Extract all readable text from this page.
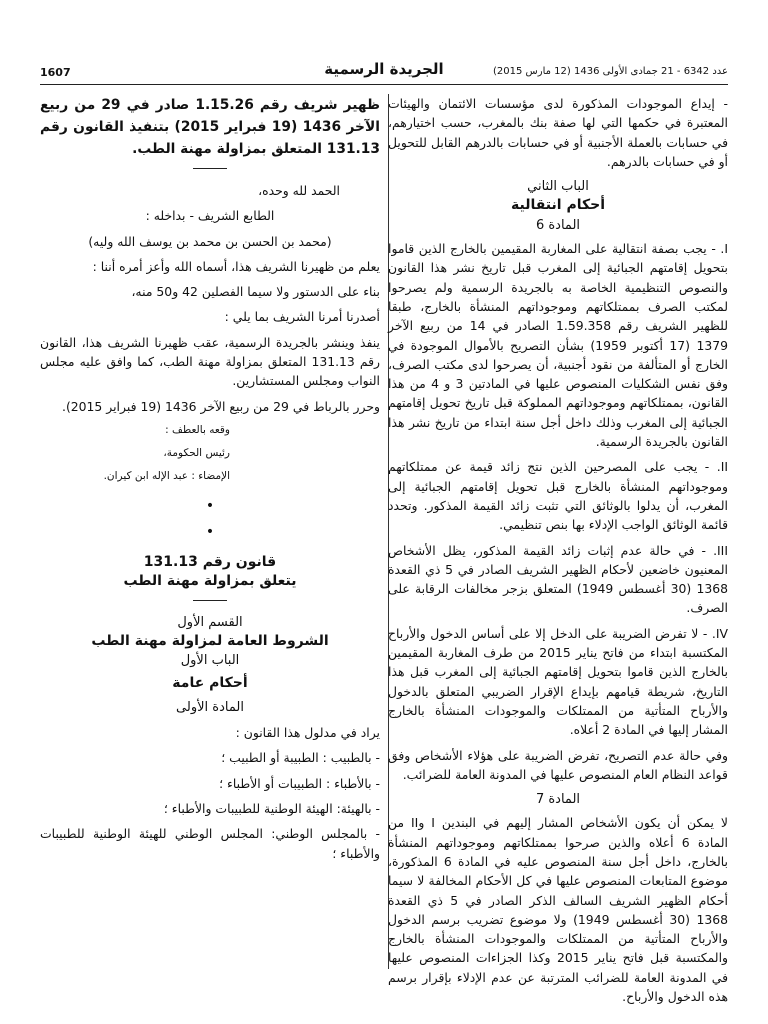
1607	الجريدة الرسمية	عدد 6342 - 21 جمادى الأولى 1436 (12 مارس 2015)

- إيداع الموجودات المذكورة لدى مؤسسات الائتمان والهيئات المعتبرة في حكمها التي لها صفة بنك بالمغرب، حسب اختيارهم، في حسابات بالعملة الأجنبية أو في حسابات بالدرهم القابل للتحويل أو في حسابات بالدرهم.

الباب الثاني

أحكام انتقالية

المادة 6

I. - يجب بصفة انتقالية على المغاربة المقيمين بالخارج الذين قاموا بتحويل إقامتهم الجبائية إلى المغرب قبل تاريخ نشر هذا القانون والنصوص التنظيمية الخاصة به بالجريدة الرسمية ولم يصرحوا لمكتب الصرف بممتلكاتهم وموجوداتهم المنشأة بالخارج، طبقا للظهير الشريف رقم 1.59.358 الصادر في 14 من ربيع الآخر 1379 (17 أكتوبر 1959) بشأن التصريح بالأموال الموجودة في الخارج أو المتألفة من نقود أجنبية، أن يصرحوا لدى مكتب الصرف، وفق نفس الشكليات المنصوص عليها في المادتين 3 و 4 من هذا القانون، بممتلكاتهم وموجوداتهم المملوكة قبل تاريخ تحويل إقامتهم الجبائية إلى المغرب وذلك داخل أجل سنة ابتداء من تاريخ نشر هذا القانون بالجريدة الرسمية.

II. - يجب على المصرحين الذين نتج زائد قيمة عن ممتلكاتهم وموجوداتهم المنشأة بالخارج قبل تحويل إقامتهم الجبائية إلى المغرب، أن يدلوا بالوثائق التي تثبت زائد القيمة المذكور. وتحدد قائمة الوثائق الواجب الإدلاء بها بنص تنظيمي.

III. - في حالة عدم إثبات زائد القيمة المذكور، يظل الأشخاص المعنيون خاضعين لأحكام الظهير الشريف الصادر في 5 ذي القعدة 1368 (30 أغسطس 1949) المتعلق بزجر مخالفات الرقابة على الصرف.

IV. - لا تفرض الضريبة على الدخل إلا على أساس الدخول والأرباح المكتسبة ابتداء من فاتح يناير 2015 من طرف المغاربة المقيمين بالخارج الذين قاموا بتحويل إقامتهم الجبائية إلى المغرب قبل هذا التاريخ، شريطة قيامهم بإيداع الإقرار الضريبي المتعلق بالدخول والأرباح المتأتية من الممتلكات والموجودات المنشأة بالخارج المشار إليها في المادة 2 أعلاه.

وفي حالة عدم التصريح، تفرض الضريبة على هؤلاء الأشخاص وفق قواعد النظام العام المنصوص عليها في المدونة العامة للضرائب.

المادة 7

لا يمكن أن يكون الأشخاص المشار إليهم في البندين I وII من المادة 6 أعلاه والذين صرحوا بممتلكاتهم وموجوداتهم المنشأة بالخارج، داخل أجل سنة المنصوص عليه في المادة 6 المذكورة، موضوع المتابعات المنصوص عليها في كل الأحكام المخالفة لا سيما أحكام الظهير الشريف السالف الذكر الصادر في 5 ذي القعدة 1368 (30 أغسطس 1949) ولا موضوع تضريب برسم الدخول والأرباح المتأتية من الممتلكات والموجودات المنشأة بالخارج والمكتسبة قبل فاتح يناير 2015 وكذا الجزاءات المنصوص عليها في المدونة العامة للضرائب المترتبة عن عدم الإدلاء بإقرار برسم هذه الدخول والأرباح.

ظهير شريف رقم 1.15.26 صادر في 29 من ربيع الآخر 1436 (19 فبراير 2015) بتنفيذ القانون رقم 131.13 المتعلق بمزاولة مهنة الطب.

الحمد لله وحده،

الطابع الشريف - بداخله :

(محمد بن الحسن بن محمد بن يوسف الله وليه)

يعلم من ظهيرنا الشريف هذا، أسماه الله وأعز أمره أننا :

بناء على الدستور ولا سيما الفصلين 42 و50 منه،

أصدرنا أمرنا الشريف بما يلي :

ينفذ وينشر بالجريدة الرسمية، عقب ظهيرنا الشريف هذا، القانون رقم 131.13 المتعلق بمزاولة مهنة الطب، كما وافق عليه مجلس النواب ومجلس المستشارين.

وحرر بالرباط في 29 من ربيع الآخر 1436 (19 فبراير 2015).

وقعه بالعطف :

رئيس الحكومة،

الإمضاء : عبد الإله ابن كيران.

•
•

قانون رقم 131.13

يتعلق بمزاولة مهنة الطب

القسم الأول

الشروط العامة لمزاولة مهنة الطب

الباب الأول

أحكام عامة

المادة الأولى

يراد في مدلول هذا القانون :

- بالطبيب : الطبيبة أو الطبيب ؛

- بالأطباء : الطبيبات أو الأطباء ؛

- بالهيئة: الهيئة الوطنية للطبيبات والأطباء ؛

- بالمجلس الوطني: المجلس الوطني للهيئة الوطنية للطبيبات والأطباء ؛
